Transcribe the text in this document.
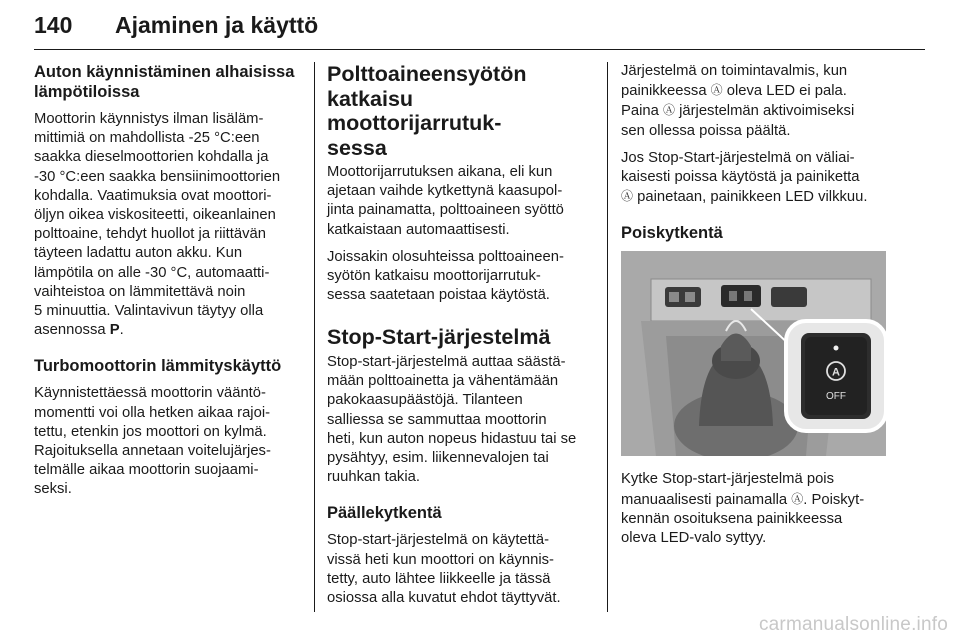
140 Ajaminen ja käyttö
Auton käynnistäminen alhaisissa
lämpötiloissa
Moottorin käynnistys ilman lisäläm-
mittimiä on mahdollista -25 °C:een
saakka dieselmoottorien kohdalla ja
-30 °C:een saakka bensiinimoottorien
kohdalla. Vaatimuksia ovat moottori-
öljyn oikea viskositeetti, oikeanlainen
polttoaine, tehdyt huollot ja riittävän
täyteen ladattu auton akku. Kun
lämpötila on alle -30 °C, automaatti-
vaihteistoa on lämmitettävä noin
5 minuuttia. Valintavivun täytyy olla
asennossa P.
Turbomoottorin lämmityskäyttö
Käynnistettäessä moottorin vääntö-
momentti voi olla hetken aikaa rajoi-
tettu, etenkin jos moottori on kylmä.
Rajoituksella annetaan voitelujärjes-
telmälle aikaa moottorin suojaami-
seksi.
Polttoaineensyötön
katkaisu moottorijarrutuk-
sessa
Moottorijarrutuksen aikana, eli kun
ajetaan vaihde kytkettynä kaasupol-
jinta painamatta, polttoaineen syöttö
katkaistaan automaattisesti.
Joissakin olosuhteissa polttoaineen-
syötön katkaisu moottorijarrutuk-
sessa saatetaan poistaa käytöstä.
Stop-Start-järjestelmä
Stop-start-järjestelmä auttaa säästä-
mään polttoainetta ja vähentämään
pakokaasupäästöjä. Tilanteen
salliessa se sammuttaa moottorin
heti, kun auton nopeus hidastuu tai se
pysähtyy, esim. liikennevalojen tai
ruuhkan takia.
Päällekytkentä
Stop-start-järjestelmä on käytettä-
vissä heti kun moottori on käynnis-
tetty, auto lähtee liikkeelle ja tässä
osiossa alla kuvatut ehdot täyttyvät.
Järjestelmä on toimintavalmis, kun
painikkeessa Ⓐ oleva LED ei pala.
Paina Ⓐ järjestelmän aktivoimiseksi
sen ollessa poissa päältä.
Jos Stop-Start-järjestelmä on väliai-
kaisesti poissa käytöstä ja painiketta
Ⓐ painetaan, painikkeen LED vilkkuu.
Poiskytkentä
A
OFF
Kytke Stop-start-järjestelmä pois
manuaalisesti painamalla Ⓐ. Poiskyt-
kennän osoituksena painikkeessa
oleva LED-valo syttyy.
carmanualsonline.info
